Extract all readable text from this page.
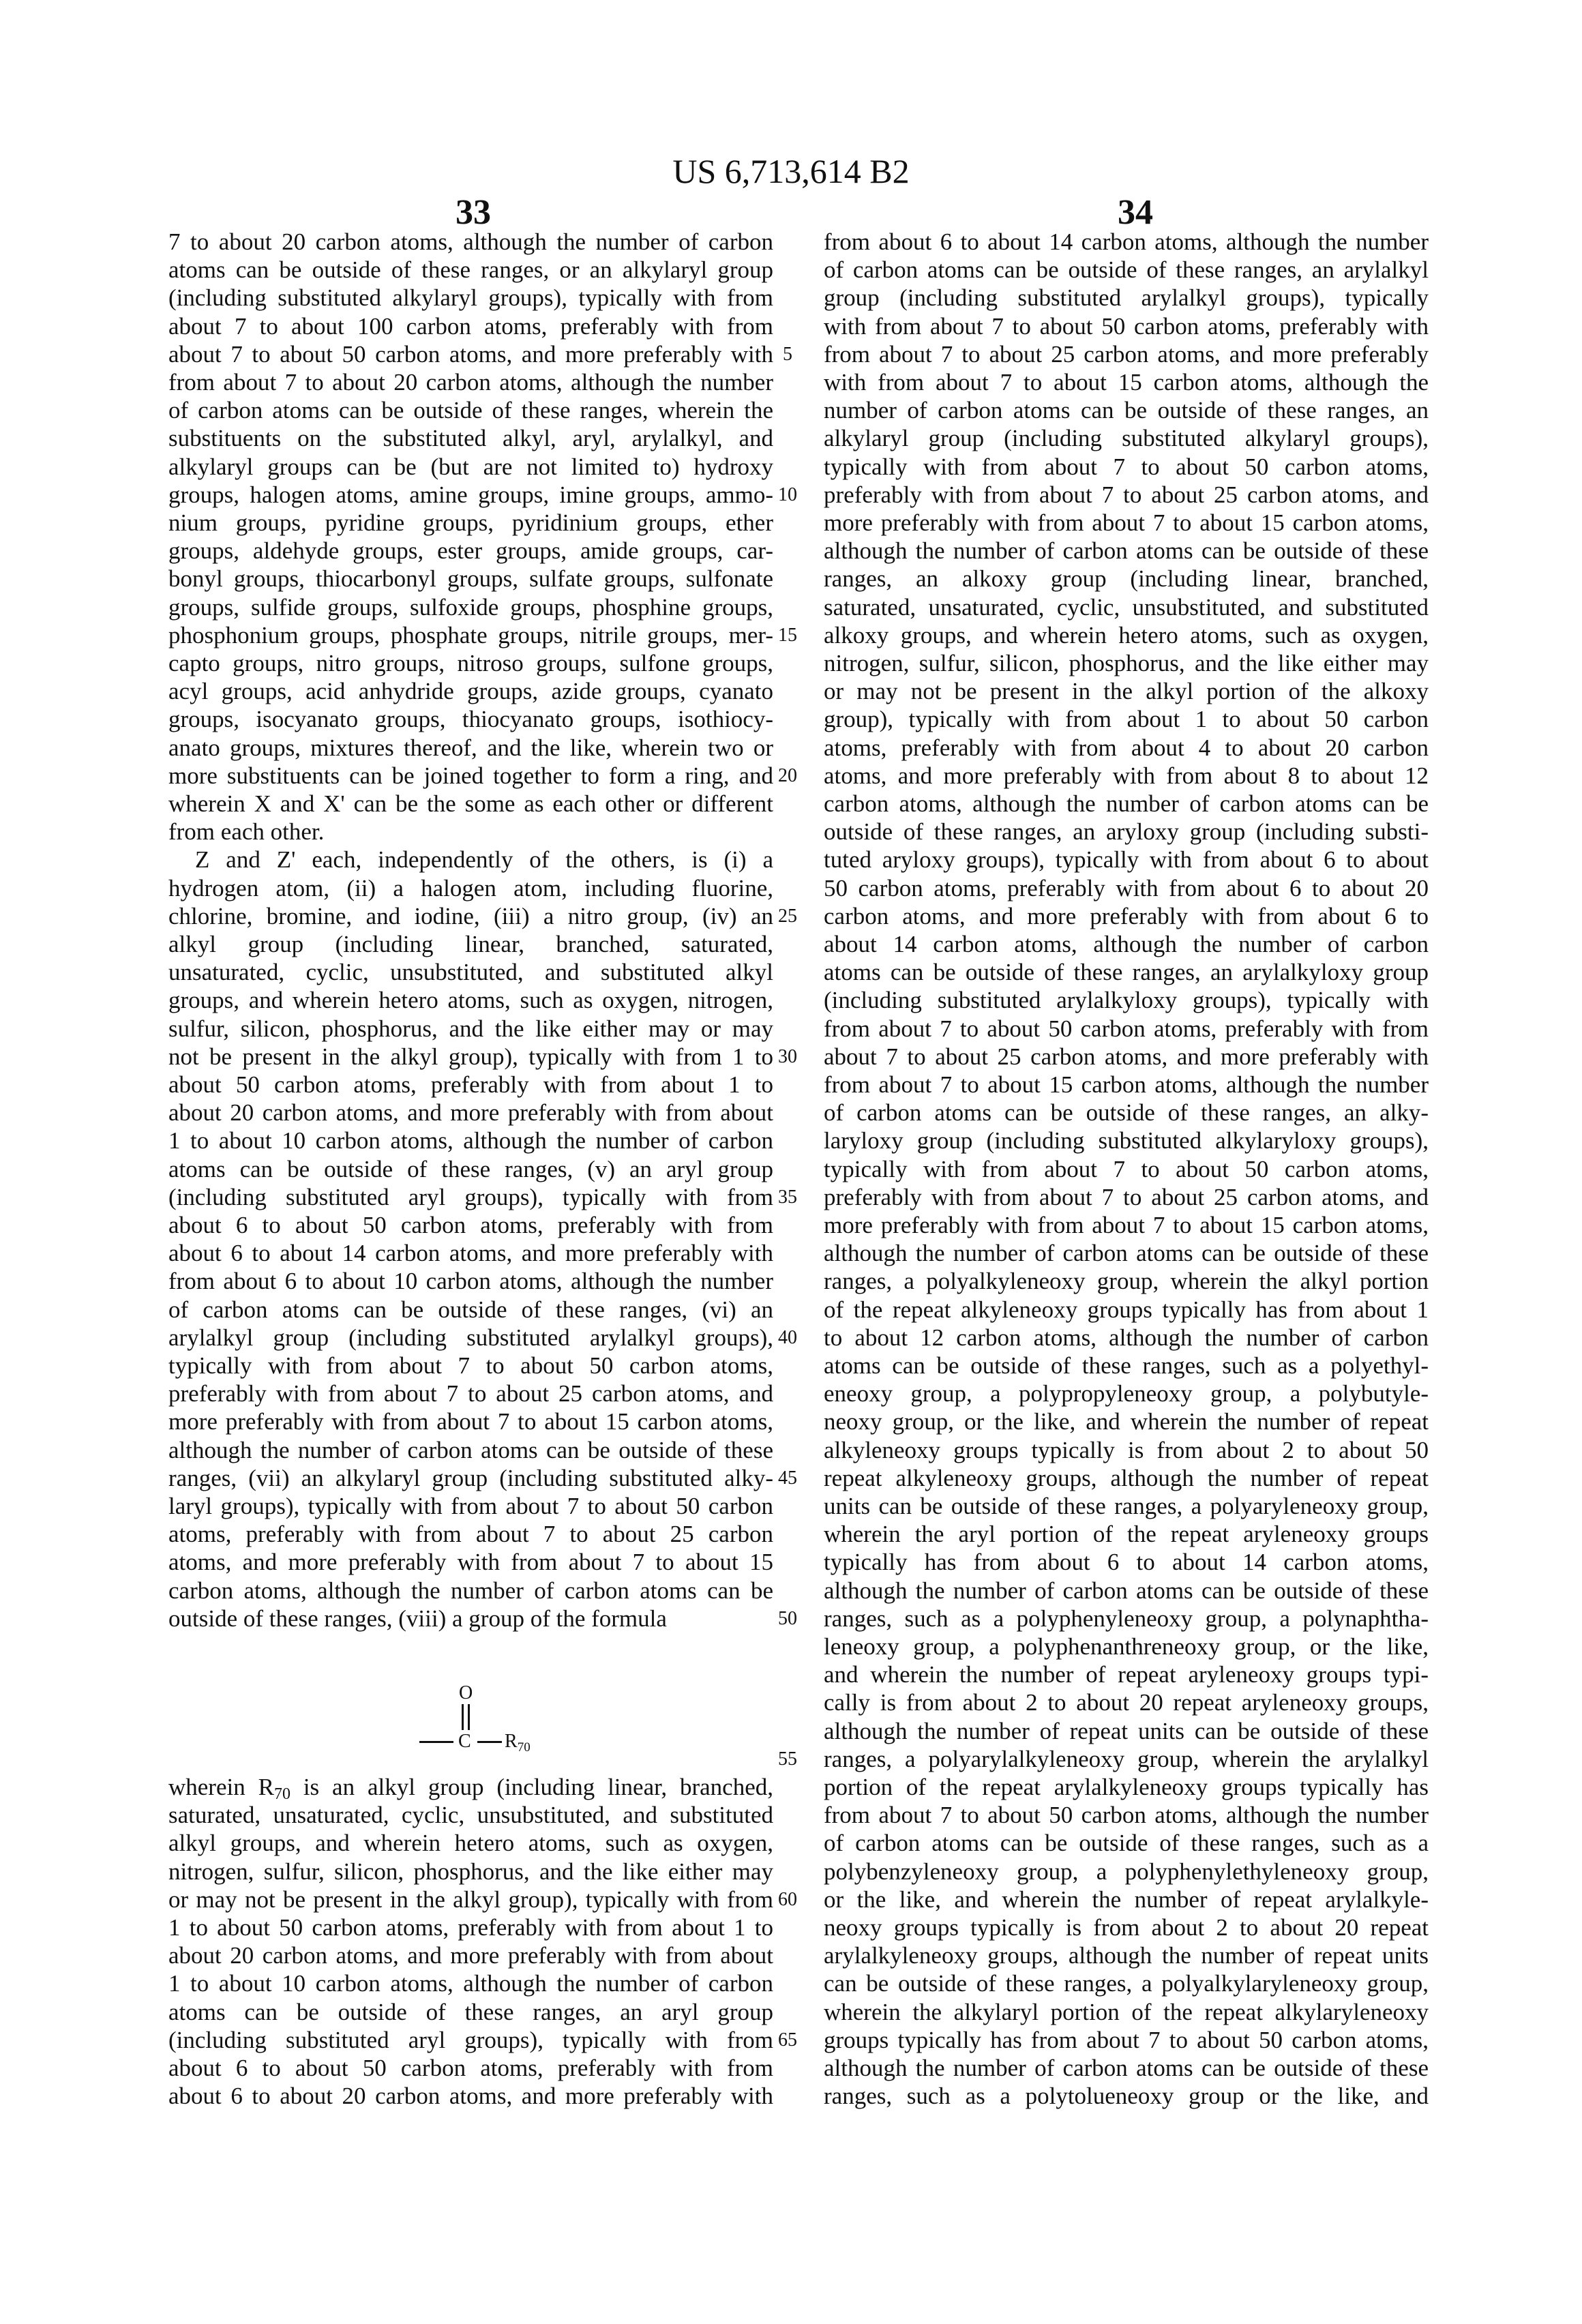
US 6,713,614 B2
33	34
wherein R70 is an alkyl group (including linear, branched,
7 to about 20 carbon atoms, although the number of carbon
atoms can be outside of these ranges, or an alkylaryl group
(including substituted alkylaryl groups), typically with from
about 7 to about 100 carbon atoms, preferably with from
about 7 to about 50 carbon atoms, and more preferably with
from about 7 to about 20 carbon atoms, although the number
of carbon atoms can be outside of these ranges, wherein the
substituents on the substituted alkyl, aryl, arylalkyl, and
alkylaryl groups can be (but are not limited to) hydroxy
groups, halogen atoms, amine groups, imine groups, ammo-
nium groups, pyridine groups, pyridinium groups, ether
groups, aldehyde groups, ester groups, amide groups, car-
bonyl groups, thiocarbonyl groups, sulfate groups, sulfonate
groups, sulfide groups, sulfoxide groups, phosphine groups,
phosphonium groups, phosphate groups, nitrile groups, mer-
capto groups, nitro groups, nitroso groups, sulfone groups,
acyl groups, acid anhydride groups, azide groups, cyanato
groups, isocyanato groups, thiocyanato groups, isothiocy-
anato groups, mixtures thereof, and the like, wherein two or
more substituents can be joined together to form a ring, and
wherein X and X' can be the some as each other or different
from each other.
Z and Z' each, independently of the others, is (i) a
hydrogen atom, (ii) a halogen atom, including fluorine,
chlorine, bromine, and iodine, (iii) a nitro group, (iv) an
alkyl group (including linear, branched, saturated,
unsaturated, cyclic, unsubstituted, and substituted alkyl
groups, and wherein hetero atoms, such as oxygen, nitrogen,
sulfur, silicon, phosphorus, and the like either may or may
not be present in the alkyl group), typically with from 1 to
about 50 carbon atoms, preferably with from about 1 to
about 20 carbon atoms, and more preferably with from about
1 to about 10 carbon atoms, although the number of carbon
atoms can be outside of these ranges, (v) an aryl group
(including substituted aryl groups), typically with from
about 6 to about 50 carbon atoms, preferably with from
about 6 to about 14 carbon atoms, and more preferably with
from about 6 to about 10 carbon atoms, although the number
of carbon atoms can be outside of these ranges, (vi) an
arylalkyl group (including substituted arylalkyl groups),
typically with from about 7 to about 50 carbon atoms,
preferably with from about 7 to about 25 carbon atoms, and
more preferably with from about 7 to about 15 carbon atoms,
although the number of carbon atoms can be outside of these
ranges, (vii) an alkylaryl group (including substituted alky-
laryl groups), typically with from about 7 to about 50 carbon
atoms, preferably with from about 7 to about 25 carbon
atoms, and more preferably with from about 7 to about 15
carbon atoms, although the number of carbon atoms can be
outside of these ranges, (viii) a group of the formula
saturated, unsaturated, cyclic, unsubstituted, and substituted
alkyl groups, and wherein hetero atoms, such as oxygen,
nitrogen, sulfur, silicon, phosphorus, and the like either may
or may not be present in the alkyl group), typically with from
1 to about 50 carbon atoms, preferably with from about 1 to
about 20 carbon atoms, and more preferably with from about
1 to about 10 carbon atoms, although the number of carbon
atoms can be outside of these ranges, an aryl group
(including substituted aryl groups), typically with from
about 6 to about 50 carbon atoms, preferably with from
about 6 to about 20 carbon atoms, and more preferably with
from about 6 to about 14 carbon atoms, although the number
of carbon atoms can be outside of these ranges, an arylalkyl
group (including substituted arylalkyl groups), typically
with from about 7 to about 50 carbon atoms, preferably with
from about 7 to about 25 carbon atoms, and more preferably
with from about 7 to about 15 carbon atoms, although the
number of carbon atoms can be outside of these ranges, an
alkylaryl group (including substituted alkylaryl groups),
typically with from about 7 to about 50 carbon atoms,
preferably with from about 7 to about 25 carbon atoms, and
more preferably with from about 7 to about 15 carbon atoms,
although the number of carbon atoms can be outside of these
ranges, an alkoxy group (including linear, branched,
saturated, unsaturated, cyclic, unsubstituted, and substituted
alkoxy groups, and wherein hetero atoms, such as oxygen,
nitrogen, sulfur, silicon, phosphorus, and the like either may
or may not be present in the alkyl portion of the alkoxy
group), typically with from about 1 to about 50 carbon
atoms, preferably with from about 4 to about 20 carbon
atoms, and more preferably with from about 8 to about 12
carbon atoms, although the number of carbon atoms can be
outside of these ranges, an aryloxy group (including substi-
tuted aryloxy groups), typically with from about 6 to about
50 carbon atoms, preferably with from about 6 to about 20
carbon atoms, and more preferably with from about 6 to
about 14 carbon atoms, although the number of carbon
atoms can be outside of these ranges, an arylalkyloxy group
(including substituted arylalkyloxy groups), typically with
from about 7 to about 50 carbon atoms, preferably with from
about 7 to about 25 carbon atoms, and more preferably with
from about 7 to about 15 carbon atoms, although the number
of carbon atoms can be outside of these ranges, an alky-
laryloxy group (including substituted alkylaryloxy groups),
typically with from about 7 to about 50 carbon atoms,
preferably with from about 7 to about 25 carbon atoms, and
more preferably with from about 7 to about 15 carbon atoms,
although the number of carbon atoms can be outside of these
ranges, a polyalkyleneoxy group, wherein the alkyl portion
of the repeat alkyleneoxy groups typically has from about 1
to about 12 carbon atoms, although the number of carbon
atoms can be outside of these ranges, such as a polyethyl-
eneoxy group, a polypropyleneoxy group, a polybutyle-
neoxy group, or the like, and wherein the number of repeat
alkyleneoxy groups typically is from about 2 to about 50
repeat alkyleneoxy groups, although the number of repeat
units can be outside of these ranges, a polyaryleneoxy group,
wherein the aryl portion of the repeat aryleneoxy groups
typically has from about 6 to about 14 carbon atoms,
although the number of carbon atoms can be outside of these
ranges, such as a polyphenyleneoxy group, a polynaphtha-
leneoxy group, a polyphenanthreneoxy group, or the like,
and wherein the number of repeat aryleneoxy groups typi-
cally is from about 2 to about 20 repeat aryleneoxy groups,
although the number of repeat units can be outside of these
ranges, a polyarylalkyleneoxy group, wherein the arylalkyl
portion of the repeat arylalkyleneoxy groups typically has
from about 7 to about 50 carbon atoms, although the number
of carbon atoms can be outside of these ranges, such as a
polybenzyleneoxy group, a polyphenylethyleneoxy group,
or the like, and wherein the number of repeat arylalkyle-
neoxy groups typically is from about 2 to about 20 repeat
arylalkyleneoxy groups, although the number of repeat units
can be outside of these ranges, a polyalkylaryleneoxy group,
wherein the alkylaryl portion of the repeat alkylaryleneoxy
groups typically has from about 7 to about 50 carbon atoms,
although the number of carbon atoms can be outside of these
ranges, such as a polytolueneoxy group or the like, and
5
10
15
20
25
30
35
40
45
50
55
60
65
O
C R70
